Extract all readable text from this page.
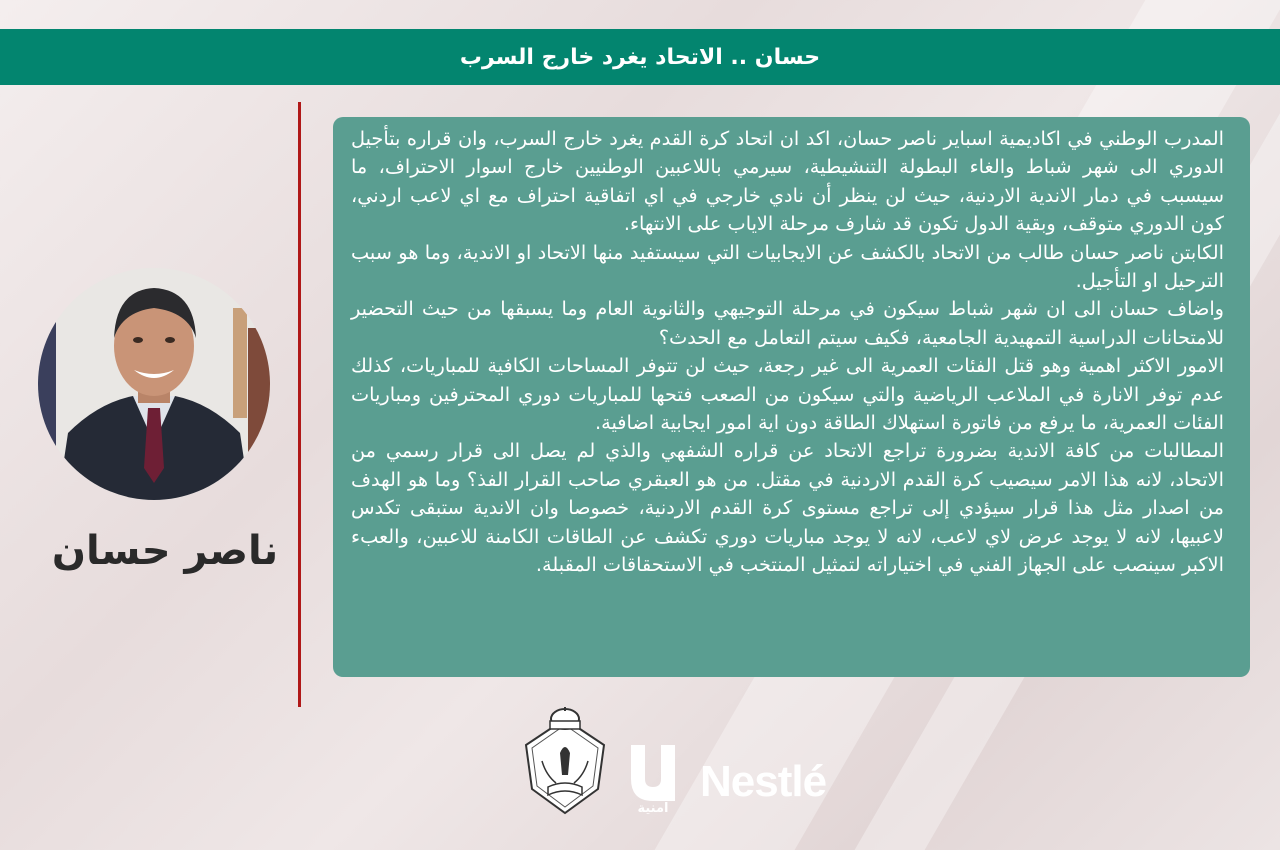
حسان .. الاتحاد يغرد خارج السرب
ناصر حسان

المدرب الوطني في اكاديمية اسباير ناصر حسان، اكد ان اتحاد كرة القدم يغرد خارج السرب، وان قراره بتأجيل الدوري الى شهر شباط والغاء البطولة التنشيطية، سيرمي باللاعبين الوطنيين خارج اسوار الاحتراف، ما سيسبب في دمار الاندية الاردنية، حيث لن ينظر أن نادي خارجي في اي اتفاقية احتراف مع اي لاعب اردني، كون الدوري متوقف، وبقية الدول تكون قد شارف مرحلة الاياب على الانتهاء.

الكابتن ناصر حسان طالب من الاتحاد بالكشف عن الايجابيات التي سيستفيد منها الاتحاد او الاندية، وما هو سبب الترحيل او التأجيل.

واضاف حسان الى ان شهر شباط سيكون في مرحلة التوجيهي والثانوية العام وما يسبقها من حيث التحضير للامتحانات الدراسية التمهيدية الجامعية، فكيف سيتم التعامل مع الحدث؟

الامور الاكثر اهمية وهو قتل الفئات العمرية الى غير رجعة، حيث لن تتوفر المساحات الكافية للمباريات، كذلك عدم توفر الانارة في الملاعب الرياضية والتي سيكون من الصعب فتحها للمباريات دوري المحترفين ومباريات الفئات العمرية، ما يرفع من فاتورة استهلاك الطاقة دون اية امور ايجابية اضافية.

المطالبات من كافة الاندية بضرورة تراجع الاتحاد عن قراره الشفهي والذي لم يصل الى قرار رسمي من الاتحاد، لانه هذا الامر سيصيب كرة القدم الاردنية في مقتل. من هو العبقري صاحب القرار الفذ؟ وما هو الهدف من اصدار مثل هذا قرار سيؤدي إلى تراجع مستوى كرة القدم الاردنية، خصوصا وان الاندية ستبقى تكدس لاعبيها، لانه لا يوجد عرض لاي لاعب، لانه لا يوجد مباريات دوري تكشف عن الطاقات الكامنة للاعبين، والعبء الاكبر سينصب على الجهاز الفني في اختياراته لتمثيل المنتخب في الاستحقاقات المقبلة.

امنية
Nestlé
